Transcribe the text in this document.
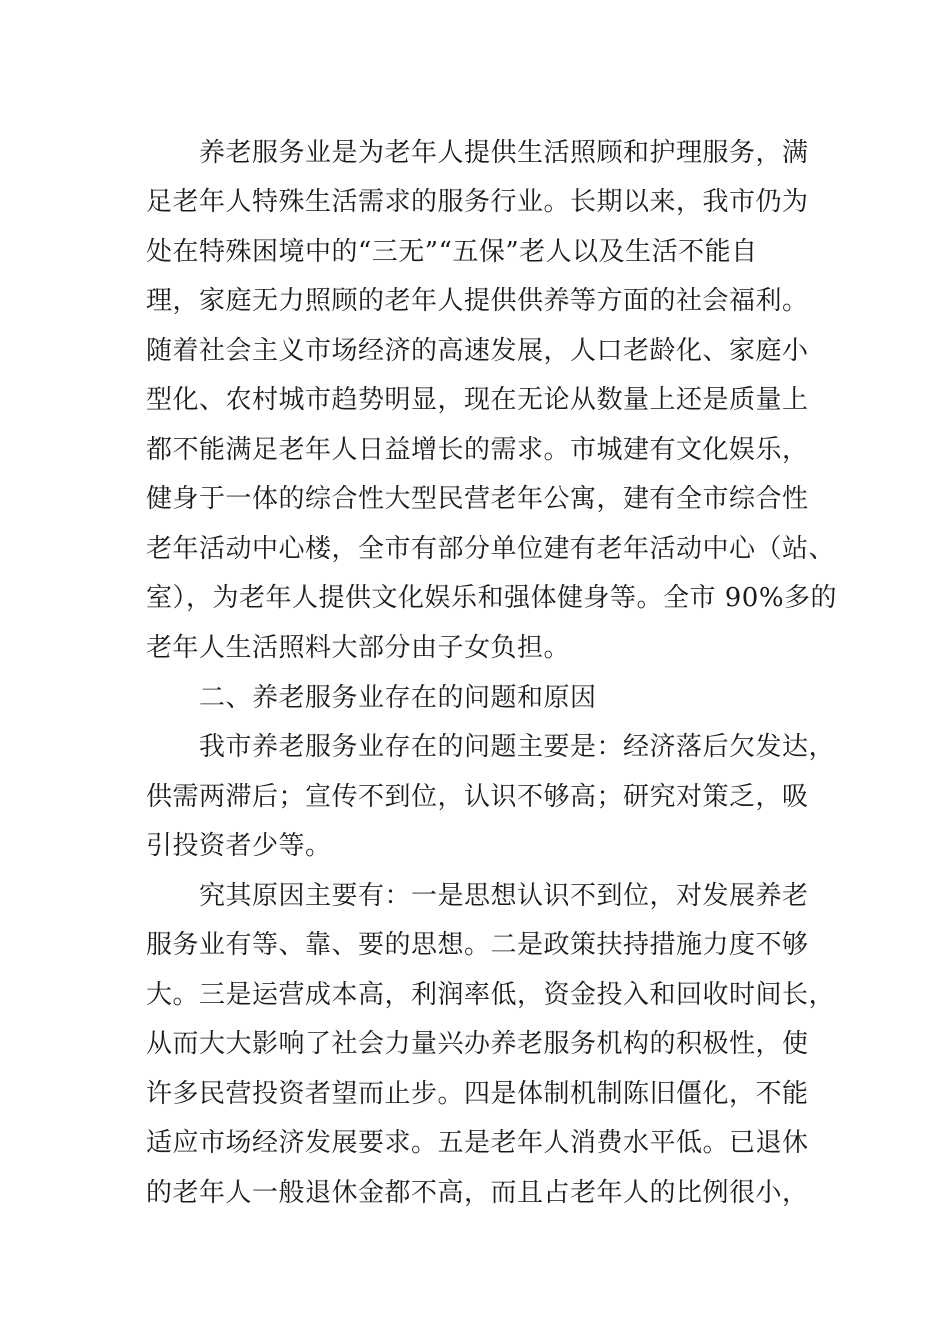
　　养老服务业是为老年人提供生活照顾和护理服务，满
足老年人特殊生活需求的服务行业。长期以来，我市仍为
处在特殊困境中的“三无”“五保”老人以及生活不能自
理，家庭无力照顾的老年人提供供养等方面的社会福利。
随着社会主义市场经济的高速发展，人口老龄化、家庭小
型化、农村城市趋势明显，现在无论从数量上还是质量上
都不能满足老年人日益增长的需求。市城建有文化娱乐，
健身于一体的综合性大型民营老年公寓，建有全市综合性
老年活动中心楼，全市有部分单位建有老年活动中心（站、
室），为老年人提供文化娱乐和强体健身等。全市 90%多的
老年人生活照料大部分由子女负担。
　　二、养老服务业存在的问题和原因
　　我市养老服务业存在的问题主要是：经济落后欠发达，
供需两滞后；宣传不到位，认识不够高；研究对策乏，吸
引投资者少等。
　　究其原因主要有：一是思想认识不到位，对发展养老
服务业有等、靠、要的思想。二是政策扶持措施力度不够
大。三是运营成本高，利润率低，资金投入和回收时间长，
从而大大影响了社会力量兴办养老服务机构的积极性，使
许多民营投资者望而止步。四是体制机制陈旧僵化，不能
适应市场经济发展要求。五是老年人消费水平低。已退休
的老年人一般退休金都不高，而且占老年人的比例很小，
